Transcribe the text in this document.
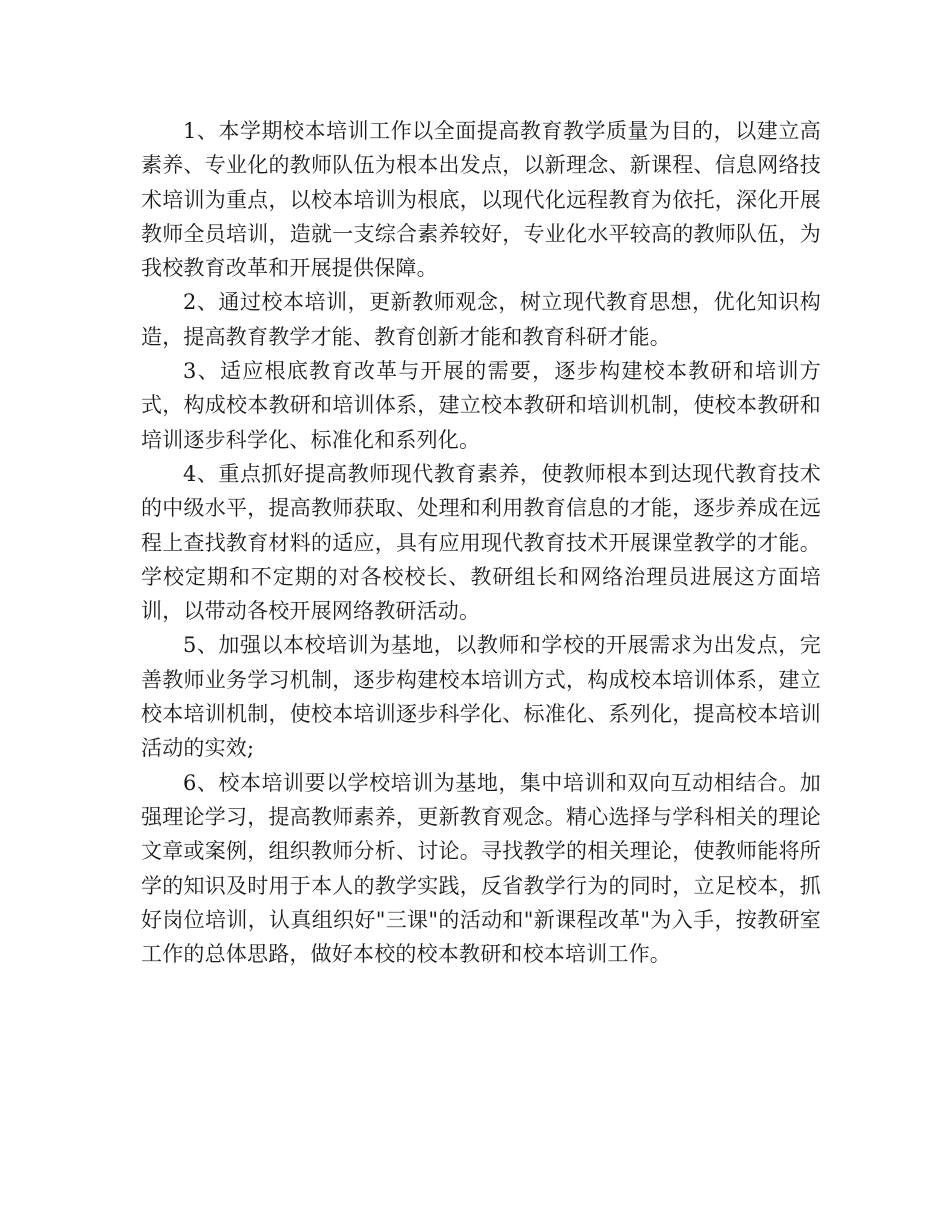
1、本学期校本培训工作以全面提高教育教学质量为目的，以建立高素养、专业化的教师队伍为根本出发点，以新理念、新课程、信息网络技术培训为重点，以校本培训为根底，以现代化远程教育为依托，深化开展教师全员培训，造就一支综合素养较好，专业化水平较高的教师队伍，为我校教育改革和开展提供保障。

2、通过校本培训，更新教师观念，树立现代教育思想，优化知识构造，提高教育教学才能、教育创新才能和教育科研才能。

3、适应根底教育改革与开展的需要，逐步构建校本教研和培训方式，构成校本教研和培训体系，建立校本教研和培训机制，使校本教研和培训逐步科学化、标准化和系列化。

4、重点抓好提高教师现代教育素养，使教师根本到达现代教育技术的中级水平，提高教师获取、处理和利用教育信息的才能，逐步养成在远程上查找教育材料的适应，具有应用现代教育技术开展课堂教学的才能。学校定期和不定期的对各校校长、教研组长和网络治理员进展这方面培训，以带动各校开展网络教研活动。

5、加强以本校培训为基地，以教师和学校的开展需求为出发点，完善教师业务学习机制，逐步构建校本培训方式，构成校本培训体系，建立校本培训机制，使校本培训逐步科学化、标准化、系列化，提高校本培训活动的实效;

6、校本培训要以学校培训为基地，集中培训和双向互动相结合。加强理论学习，提高教师素养，更新教育观念。精心选择与学科相关的理论文章或案例，组织教师分析、讨论。寻找教学的相关理论，使教师能将所学的知识及时用于本人的教学实践，反省教学行为的同时，立足校本，抓好岗位培训，认真组织好"三课"的活动和"新课程改革"为入手，按教研室工作的总体思路，做好本校的校本教研和校本培训工作。
